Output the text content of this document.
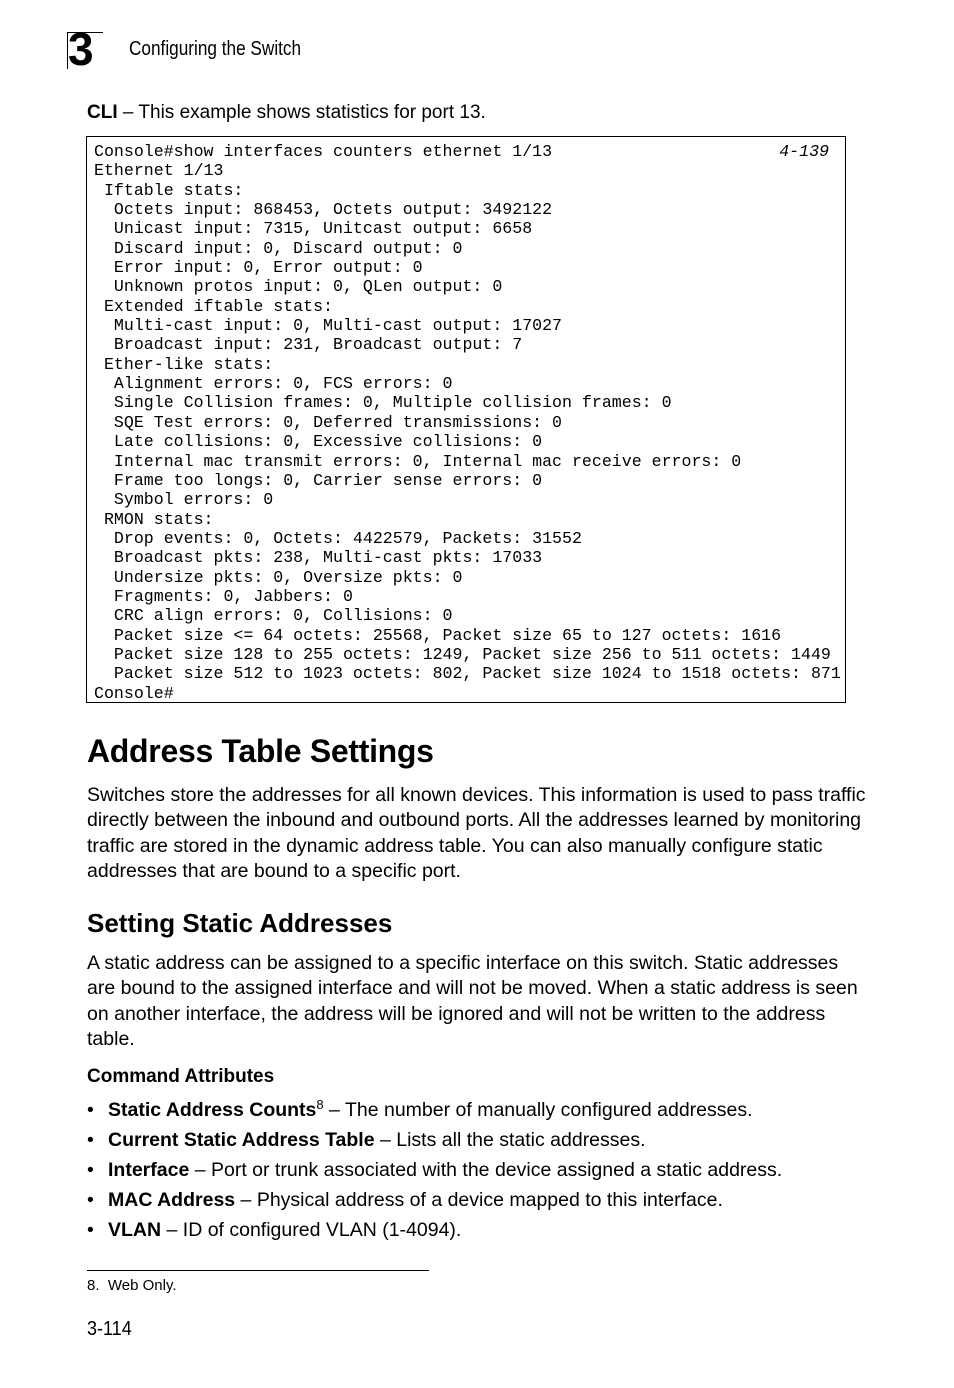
3 Configuring the Switch
CLI – This example shows statistics for port 13.
Console#show interfaces counters ethernet 1/13
Ethernet 1/13
Iftable stats:
Octets input: 868453, Octets output: 3492122
Unicast input: 7315, Unitcast output: 6658
Discard input: 0, Discard output: 0
Error input: 0, Error output: 0
Unknown protos input: 0, QLen output: 0
Extended iftable stats:
Multi-cast input: 0, Multi-cast output: 17027
Broadcast input: 231, Broadcast output: 7
Ether-like stats:
Alignment errors: 0, FCS errors: 0
Single Collision frames: 0, Multiple collision frames: 0
SQE Test errors: 0, Deferred transmissions: 0
Late collisions: 0, Excessive collisions: 0
Internal mac transmit errors: 0, Internal mac receive errors: 0
Frame too longs: 0, Carrier sense errors: 0
Symbol errors: 0
RMON stats:
Drop events: 0, Octets: 4422579, Packets: 31552
Broadcast pkts: 238, Multi-cast pkts: 17033
Undersize pkts: 0, Oversize pkts: 0
Fragments: 0, Jabbers: 0
CRC align errors: 0, Collisions: 0
Packet size <= 64 octets: 25568, Packet size 65 to 127 octets: 1616
Packet size 128 to 255 octets: 1249, Packet size 256 to 511 octets: 1449
Packet size 512 to 1023 octets: 802, Packet size 1024 to 1518 octets: 871
Console#
4-139
Address Table Settings

Switches store the addresses for all known devices. This information is used to pass traffic directly between the inbound and outbound ports. All the addresses learned by monitoring traffic are stored in the dynamic address table. You can also manually configure static addresses that are bound to a specific port.

Setting Static Addresses

A static address can be assigned to a specific interface on this switch. Static addresses are bound to the assigned interface and will not be moved. When a static address is seen on another interface, the address will be ignored and will not be written to the address table.

Command Attributes
• Static Address Counts$^8$ – The number of manually configured addresses.
• Current Static Address Table – Lists all the static addresses.
• Interface – Port or trunk associated with the device assigned a static address.
• MAC Address – Physical address of a device mapped to this interface.
• VLAN – ID of configured VLAN (1-4094).
8. Web Only.
3-114
